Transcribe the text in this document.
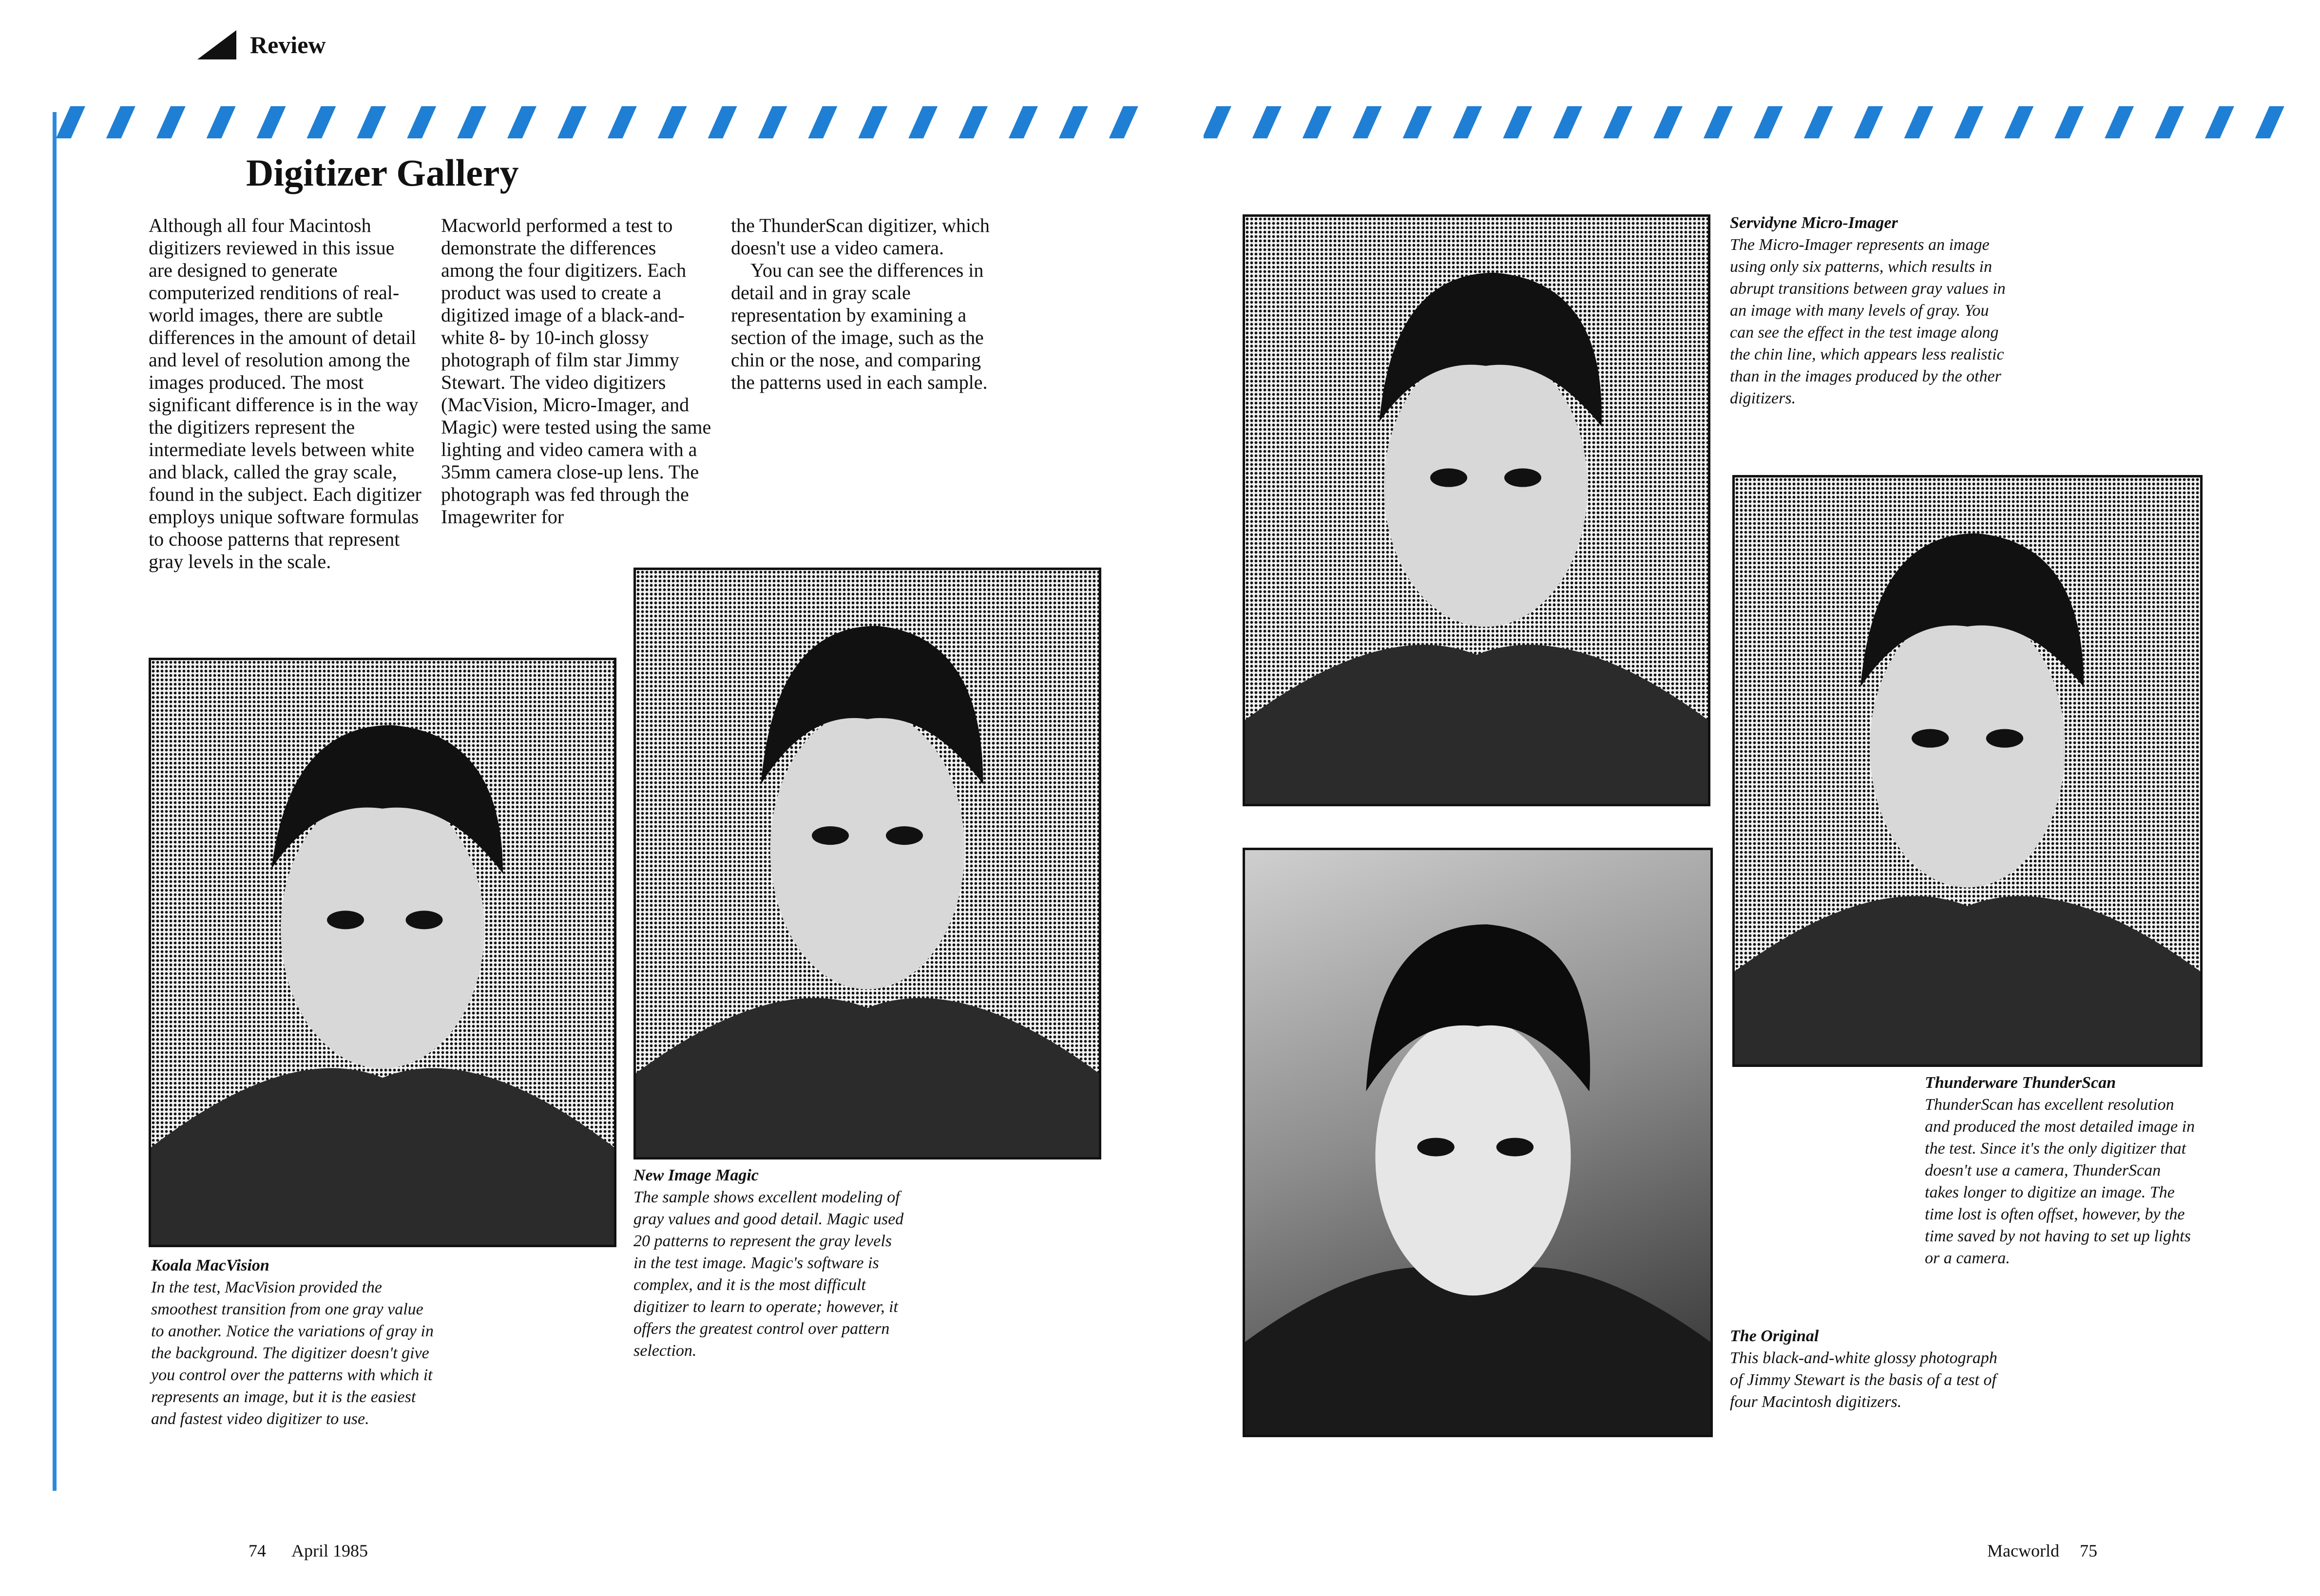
Review
Digitizer Gallery

Although all four Macintosh digitizers reviewed in this issue are designed to generate computerized renditions of real-world images, there are subtle differences in the amount of detail and level of resolution among the images produced. The most significant difference is in the way the digitizers represent the intermediate levels between white and black, called the gray scale, found in the subject. Each digitizer employs unique software formulas to choose patterns that represent gray levels in the scale.

Macworld performed a test to demonstrate the differences among the four digitizers. Each product was used to create a digitized image of a black-and-white 8- by 10-inch glossy photograph of film star Jimmy Stewart. The video digitizers (MacVision, Micro-Imager, and Magic) were tested using the same lighting and video camera with a 35mm camera close-up lens. The photograph was fed through the Imagewriter for

the ThunderScan digitizer, which doesn't use a video camera.

You can see the differences in detail and in gray scale representation by examining a section of the image, such as the chin or the nose, and comparing the patterns used in each sample.

Koala MacVision
In the test, MacVision provided the smoothest transition from one gray value to another. Notice the variations of gray in the background. The digitizer doesn't give you control over the patterns with which it represents an image, but it is the easiest and fastest video digitizer to use.
New Image Magic
The sample shows excellent modeling of gray values and good detail. Magic used 20 patterns to represent the gray levels in the test image. Magic's software is complex, and it is the most difficult digitizer to learn to operate; however, it offers the greatest control over pattern selection.
Servidyne Micro-Imager
The Micro-Imager represents an image using only six patterns, which results in abrupt transitions between gray values in an image with many levels of gray. You can see the effect in the test image along the chin line, which appears less realistic than in the images produced by the other digitizers.
Thunderware ThunderScan
ThunderScan has excellent resolution and produced the most detailed image in the test. Since it's the only digitizer that doesn't use a camera, ThunderScan takes longer to digitize an image. The time lost is often offset, however, by the time saved by not having to set up lights or a camera.
The Original
This black-and-white glossy photograph of Jimmy Stewart is the basis of a test of four Macintosh digitizers.
74 April 1985	Macworld 75
